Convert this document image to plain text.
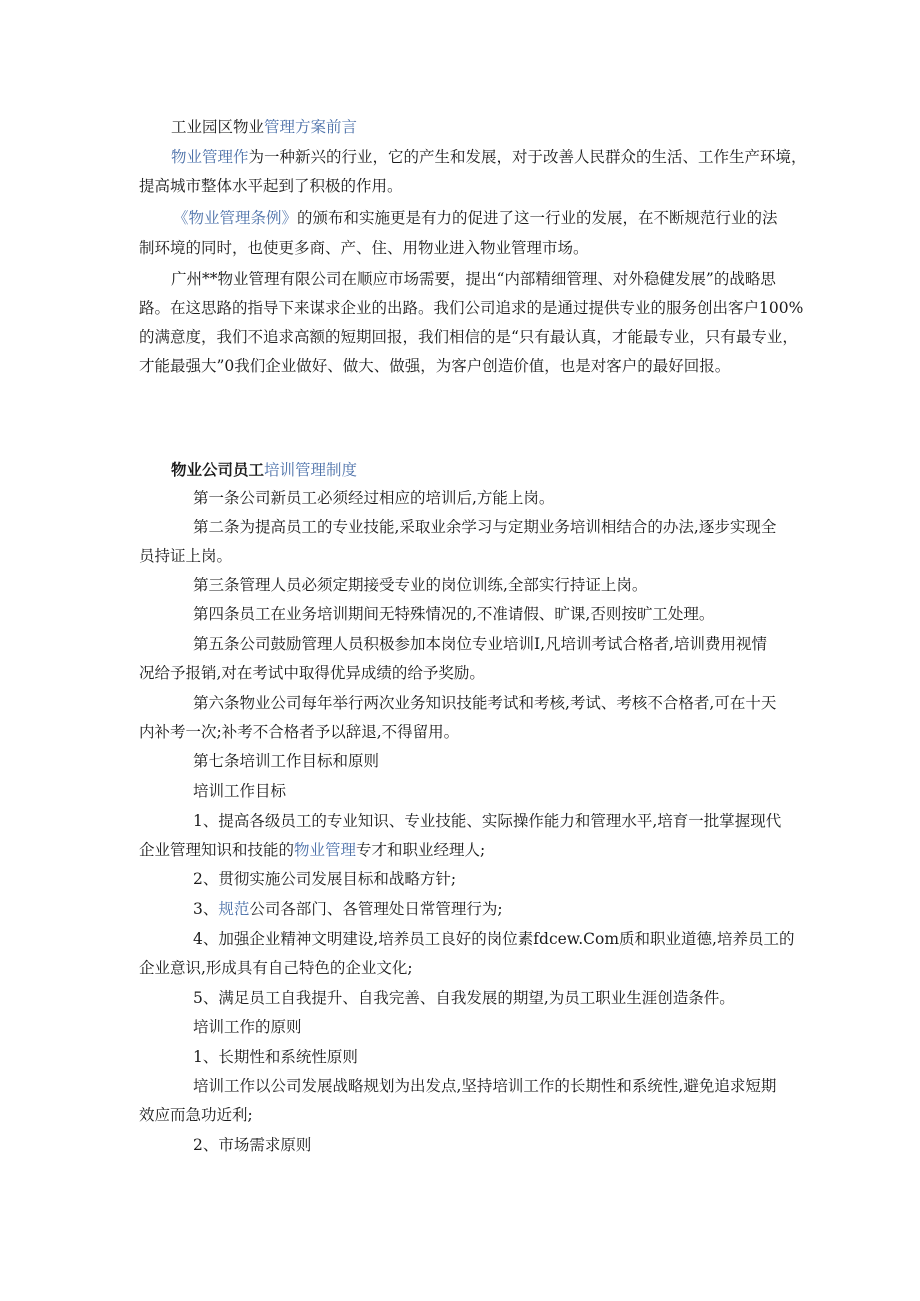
工业园区物业管理方案前言

物业管理作为一种新兴的行业，它的产生和发展，对于改善人民群众的生活、工作生产环境，

提高城市整体水平起到了积极的作用。

《物业管理条例》的颁布和实施更是有力的促进了这一行业的发展，在不断规范行业的法

制环境的同时，也使更多商、产、住、用物业进入物业管理市场。

广州**物业管理有限公司在顺应市场需要，提出“内部精细管理、对外稳健发展”的战略思

路。在这思路的指导下来谋求企业的出路。我们公司追求的是通过提供专业的服务创出客户100%

的满意度，我们不追求高额的短期回报，我们相信的是“只有最认真，才能最专业，只有最专业，

才能最强大”0我们企业做好、做大、做强，为客户创造价值，也是对客户的最好回报。

物业公司员工培训管理制度

第一条公司新员工必须经过相应的培训后,方能上岗。

第二条为提高员工的专业技能,采取业余学习与定期业务培训相结合的办法,逐步实现全

员持证上岗。

第三条管理人员必须定期接受专业的岗位训练,全部实行持证上岗。

第四条员工在业务培训期间无特殊情况的,不准请假、旷课,否则按旷工处理。

第五条公司鼓励管理人员积极参加本岗位专业培训I,凡培训考试合格者,培训费用视情

况给予报销,对在考试中取得优异成绩的给予奖励。

第六条物业公司每年举行两次业务知识技能考试和考核,考试、考核不合格者,可在十天

内补考一次;补考不合格者予以辞退,不得留用。

第七条培训工作目标和原则

培训工作目标

1、提高各级员工的专业知识、专业技能、实际操作能力和管理水平,培育一批掌握现代

企业管理知识和技能的物业管理专才和职业经理人;

2、贯彻实施公司发展目标和战略方针;

3、规范公司各部门、各管理处日常管理行为;

4、加强企业精神文明建设,培养员工良好的岗位素fdcew.Com质和职业道德,培养员工的

企业意识,形成具有自己特色的企业文化;

5、满足员工自我提升、自我完善、自我发展的期望,为员工职业生涯创造条件。

培训工作的原则

1、长期性和系统性原则

培训工作以公司发展战略规划为出发点,坚持培训工作的长期性和系统性,避免追求短期

效应而急功近利;

2、市场需求原则
